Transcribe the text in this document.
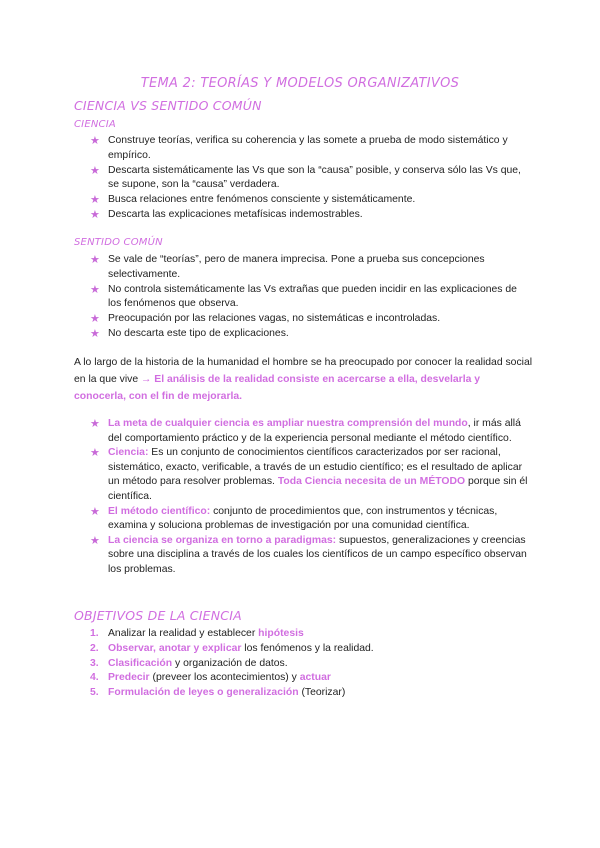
TEMA 2: TEORÍAS Y MODELOS ORGANIZATIVOS
CIENCIA VS SENTIDO COMÚN
CIENCIA
★ Construye teorías, verifica su coherencia y las somete a prueba de modo sistemático y empírico.
★ Descarta sistemáticamente las Vs que son la “causa” posible, y conserva sólo las Vs que, se supone, son la “causa” verdadera.
★ Busca relaciones entre fenómenos consciente y sistemáticamente.
★ Descarta las explicaciones metafísicas indemostrables.
SENTIDO COMÚN
★ Se vale de “teorías”, pero de manera imprecisa. Pone a prueba sus concepciones selectivamente.
★ No controla sistemáticamente las Vs extrañas que pueden incidir en las explicaciones de los fenómenos que observa.
★ Preocupación por las relaciones vagas, no sistemáticas e incontroladas.
★ No descarta este tipo de explicaciones.
A lo largo de la historia de la humanidad el hombre se ha preocupado por conocer la realidad social en la que vive → El análisis de la realidad consiste en acercarse a ella, desvelarla y conocerla, con el fin de mejorarla.
★ La meta de cualquier ciencia es ampliar nuestra comprensión del mundo, ir más allá del comportamiento práctico y de la experiencia personal mediante el método científico.
★ Ciencia: Es un conjunto de conocimientos científicos caracterizados por ser racional, sistemático, exacto, verificable, a través de un estudio científico; es el resultado de aplicar un método para resolver problemas. Toda Ciencia necesita de un MÉTODO porque sin él científica.
★ El método científico: conjunto de procedimientos que, con instrumentos y técnicas, examina y soluciona problemas de investigación por una comunidad científica.
★ La ciencia se organiza en torno a paradigmas: supuestos, generalizaciones y creencias sobre una disciplina a través de los cuales los científicos de un campo específico observan los problemas.
OBJETIVOS DE LA CIENCIA
1. Analizar la realidad y establecer hipótesis
2. Observar, anotar y explicar los fenómenos y la realidad.
3. Clasificación y organización de datos.
4. Predecir (preveer los acontecimientos) y actuar
5. Formulación de leyes o generalización (Teorizar)
